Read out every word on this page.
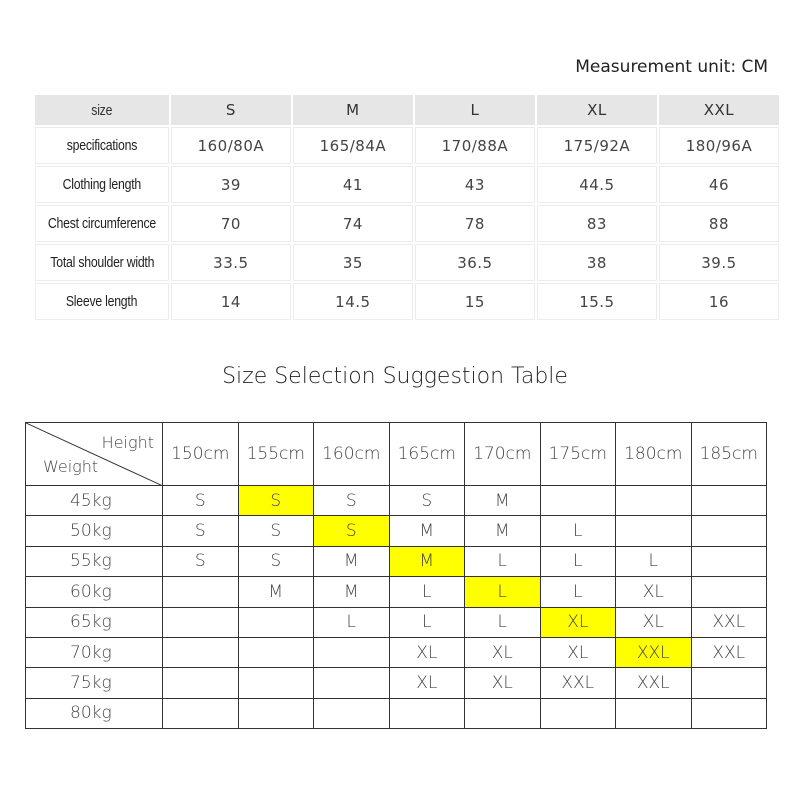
Measurement unit: CM
size	S	M	L	XL	XXL
specifications	160/80A	165/84A	170/88A	175/92A	180/96A
Clothing length	39	41	43	44.5	46
Chest circumference	70	74	78	83	88
Total shoulder width	33.5	35	36.5	38	39.5
Sleeve length	14	14.5	15	15.5	16
Size Selection Suggestion Table
Height
Weight	150cm	155cm	160cm	165cm	170cm	175cm	180cm	185cm
45kg	S	S	S	S	M			
50kg	S	S	S	M	M	L		
55kg	S	S	M	M	L	L	L	
60kg		M	M	L	L	L	XL	
65kg			L	L	L	XL	XL	XXL
70kg				XL	XL	XL	XXL	XXL
75kg				XL	XL	XXL	XXL	
80kg								
